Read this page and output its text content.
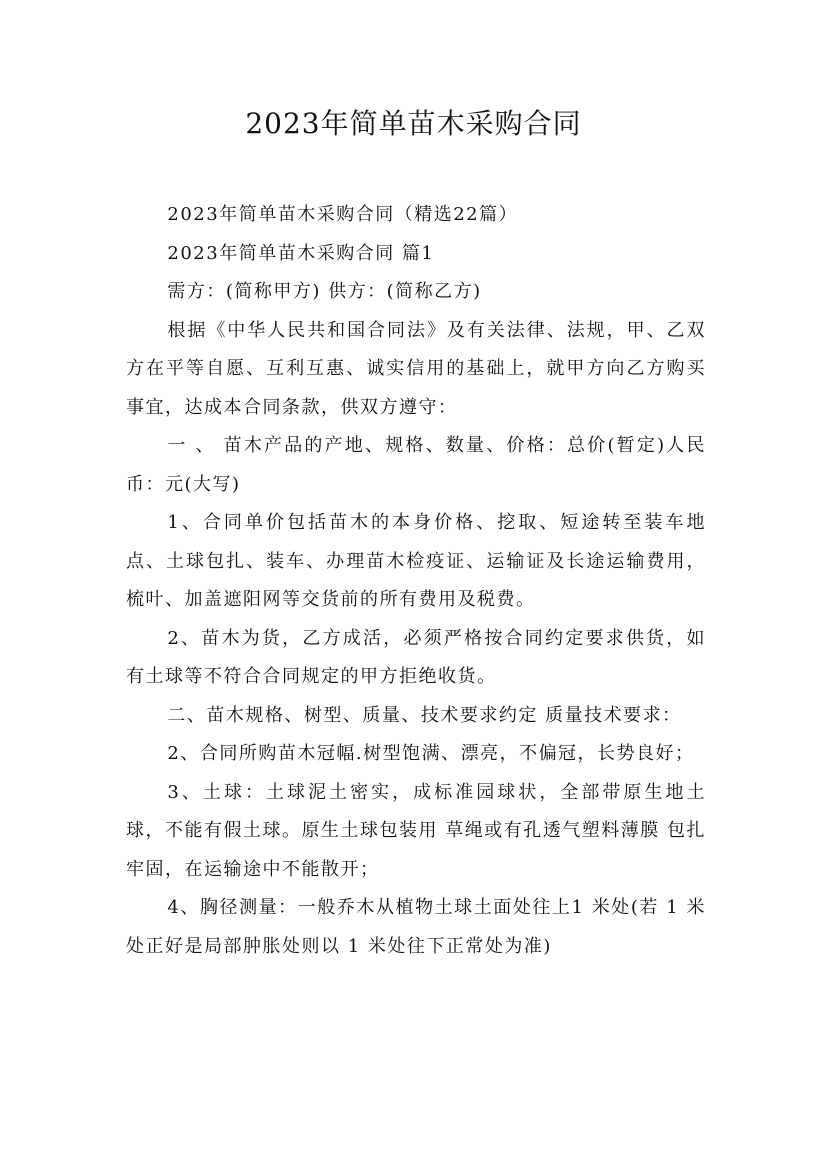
2023年简单苗木采购合同

2023年简单苗木采购合同（精选22篇）

2023年简单苗木采购合同 篇1

需方：(简称甲方) 供方：(简称乙方)

根据《中华人民共和国合同法》及有关法律、法规，甲、乙双方在平等自愿、互利互惠、诚实信用的基础上，就甲方向乙方购买事宜，达成本合同条款，供双方遵守：

一 、 苗木产品的产地、规格、数量、价格：总价(暂定)人民币：元(大写)

1、合同单价包括苗木的本身价格、挖取、短途转至装车地点、土球包扎、装车、办理苗木检疫证、运输证及长途运输费用，梳叶、加盖遮阳网等交货前的所有费用及税费。

2、苗木为货，乙方成活，必须严格按合同约定要求供货，如有土球等不符合合同规定的甲方拒绝收货。

二、苗木规格、树型、质量、技术要求约定 质量技术要求：

2、合同所购苗木冠幅.树型饱满、漂亮，不偏冠，长势良好；

3、土球：土球泥土密实，成标准园球状，全部带原生地土球，不能有假土球。原生土球包装用 草绳或有孔透气塑料薄膜 包扎牢固，在运输途中不能散开；

4、胸径测量：一般乔木从植物土球土面处往上1 米处(若 1 米处正好是局部肿胀处则以 1 米处往下正常处为准)
